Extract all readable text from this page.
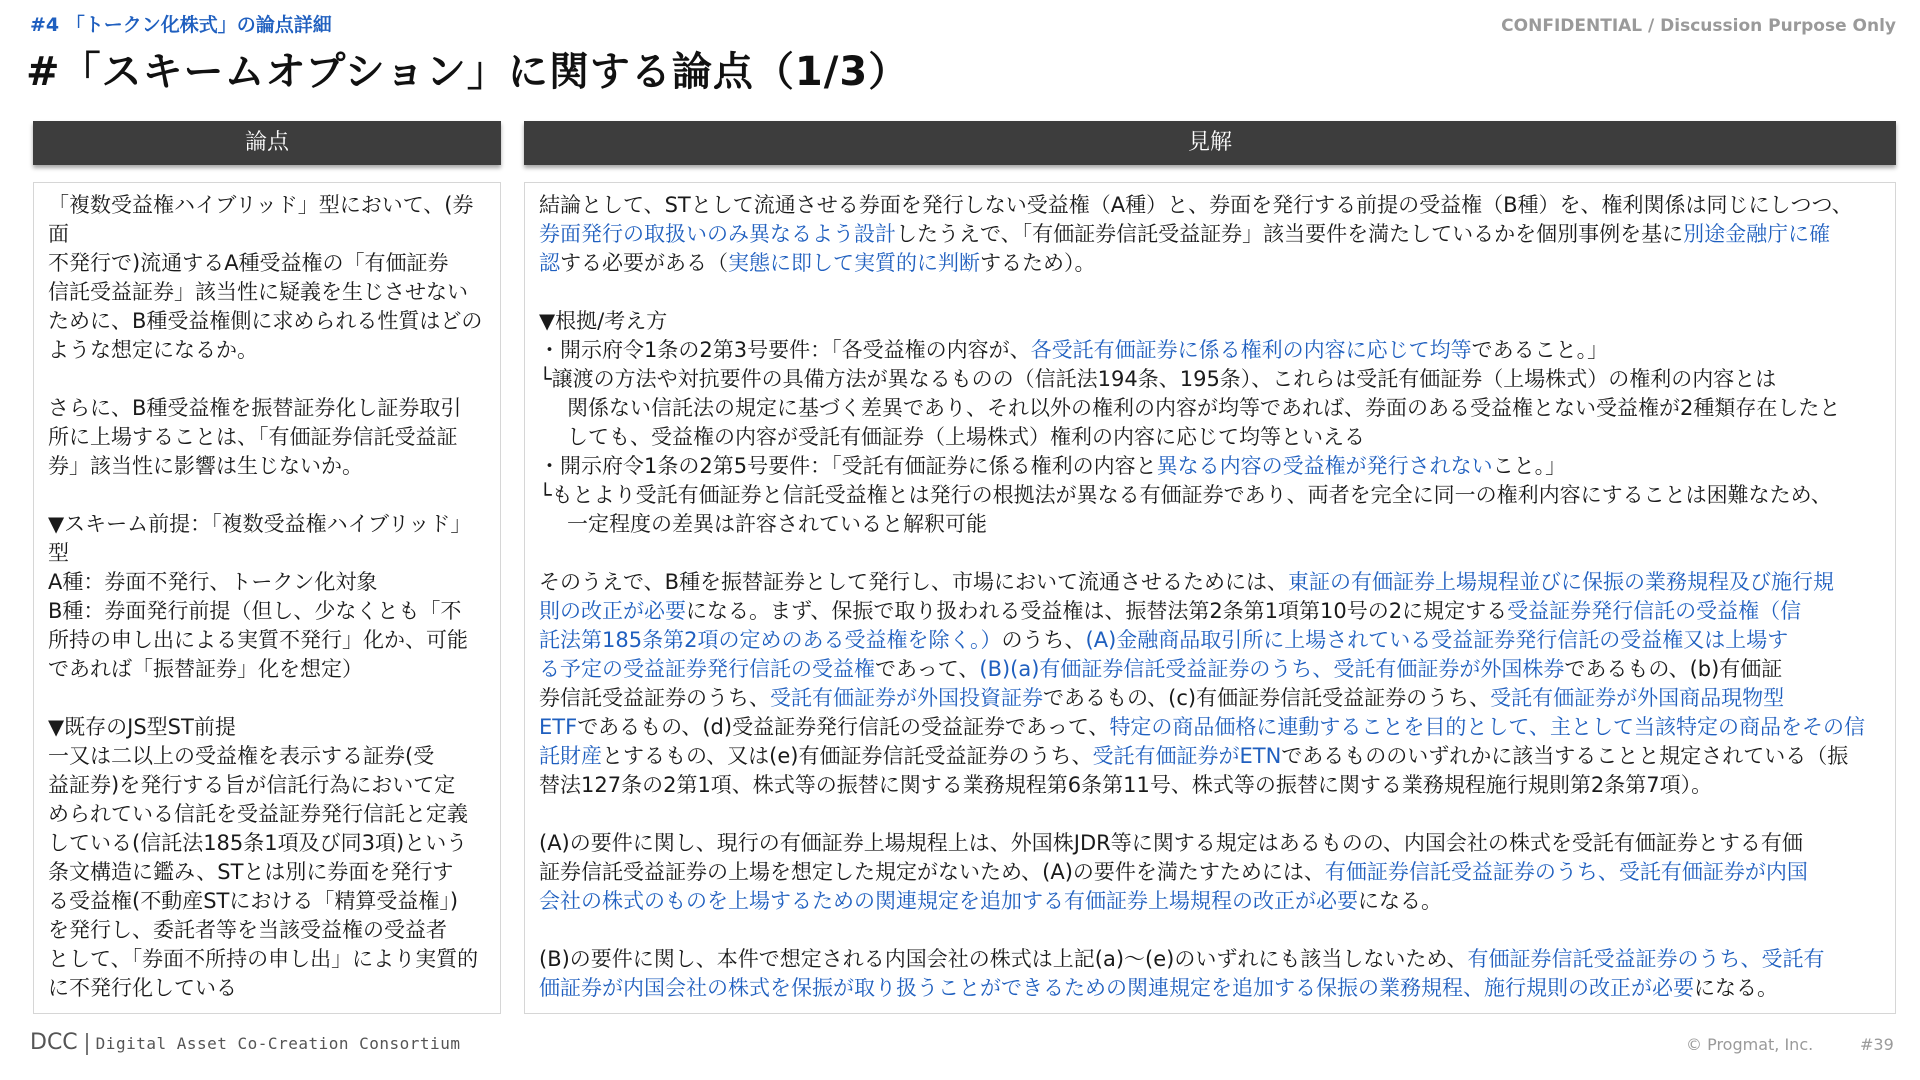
#4 「トークン化株式」の論点詳細	CONFIDENTIAL / Discussion Purpose Only
#「スキームオプション」に関する論点（1/3）
論点	見解
「複数受益権ハイブリッド」型において、(券面
不発行で)流通するA種受益権の「有価証券
信託受益証券」該当性に疑義を生じさせない
ために、B種受益権側に求められる性質はどの
ような想定になるか。
さらに、B種受益権を振替証券化し証券取引
所に上場することは、「有価証券信託受益証
券」該当性に影響は生じないか。
▼スキーム前提：「複数受益権ハイブリッド」型
A種：券面不発行、トークン化対象
B種：券面発行前提（但し、少なくとも「不
所持の申し出による実質不発行」化か、可能
であれば「振替証券」化を想定）
▼既存のJS型ST前提
一又は二以上の受益権を表示する証券(受
益証券)を発行する旨が信託行為において定
められている信託を受益証券発行信託と定義
している(信託法185条1項及び同3項)という
条文構造に鑑み、STとは別に券面を発行す
る受益権(不動産STにおける「精算受益権」)
を発行し、委託者等を当該受益権の受益者
として、「券面不所持の申し出」により実質的
に不発行化している
結論として、STとして流通させる券面を発行しない受益権（A種）と、券面を発行する前提の受益権（B種）を、権利関係は同じにしつつ、
券面発行の取扱いのみ異なるよう設計したうえで、「有価証券信託受益証券」該当要件を満たしているかを個別事例を基に別途金融庁に確
認する必要がある（実態に即して実質的に判断するため）。
▼根拠/考え方
・開示府令1条の2第3号要件：「各受益権の内容が、各受託有価証券に係る権利の内容に応じて均等であること。」
└譲渡の方法や対抗要件の具備方法が異なるものの（信託法194条、195条）、これらは受託有価証券（上場株式）の権利の内容とは
関係ない信託法の規定に基づく差異であり、それ以外の権利の内容が均等であれば、券面のある受益権とない受益権が2種類存在したと
しても、受益権の内容が受託有価証券（上場株式）権利の内容に応じて均等といえる
・開示府令1条の2第5号要件：「受託有価証券に係る権利の内容と異なる内容の受益権が発行されないこと。」
└もとより受託有価証券と信託受益権とは発行の根拠法が異なる有価証券であり、両者を完全に同一の権利内容にすることは困難なため、
一定程度の差異は許容されていると解釈可能
そのうえで、B種を振替証券として発行し、市場において流通させるためには、東証の有価証券上場規程並びに保振の業務規程及び施行規
則の改正が必要になる。まず、保振で取り扱われる受益権は、振替法第2条第1項第10号の2に規定する受益証券発行信託の受益権（信
託法第185条第2項の定めのある受益権を除く。）のうち、(A)金融商品取引所に上場されている受益証券発行信託の受益権又は上場す
る予定の受益証券発行信託の受益権であって、(B)(a)有価証券信託受益証券のうち、受託有価証券が外国株券であるもの、(b)有価証
券信託受益証券のうち、受託有価証券が外国投資証券であるもの、(c)有価証券信託受益証券のうち、受託有価証券が外国商品現物型
ETFであるもの、(d)受益証券発行信託の受益証券であって、特定の商品価格に連動することを目的として、主として当該特定の商品をその信
託財産とするもの、又は(e)有価証券信託受益証券のうち、受託有価証券がETNであるもののいずれかに該当することと規定されている（振
替法127条の2第1項、株式等の振替に関する業務規程第6条第11号、株式等の振替に関する業務規程施行規則第2条第7項）。
(A)の要件に関し、現行の有価証券上場規程上は、外国株JDR等に関する規定はあるものの、内国会社の株式を受託有価証券とする有価
証券信託受益証券の上場を想定した規定がないため、(A)の要件を満たすためには、有価証券信託受益証券のうち、受託有価証券が内国
会社の株式のものを上場するための関連規定を追加する有価証券上場規程の改正が必要になる。
(B)の要件に関し、本件で想定される内国会社の株式は上記(a)～(e)のいずれにも該当しないため、有価証券信託受益証券のうち、受託有
価証券が内国会社の株式を保振が取り扱うことができるための関連規定を追加する保振の業務規程、施行規則の改正が必要になる。
DCC Digital Asset Co-Creation Consortium	© Progmat, Inc.	#39
